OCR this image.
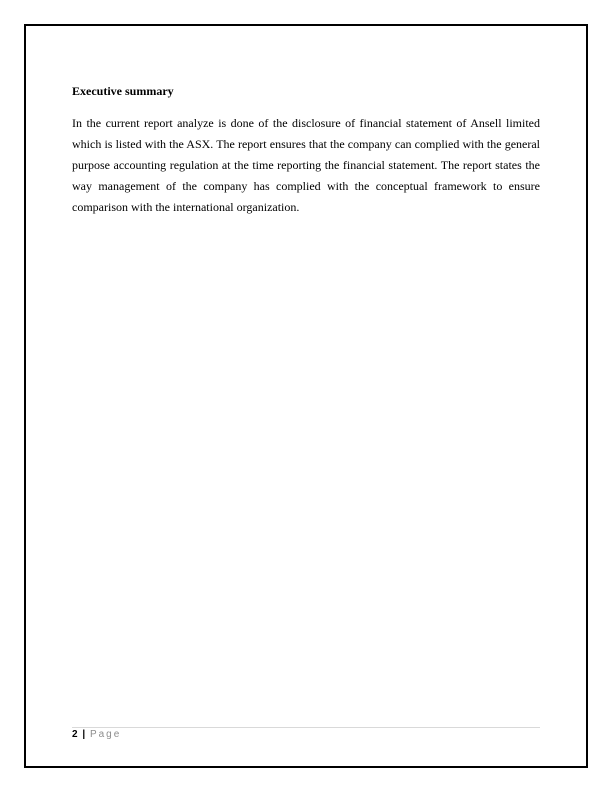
Executive summary

In the current report analyze is done of the disclosure of financial statement of Ansell limited which is listed with the ASX. The report ensures that the company can complied with the general purpose accounting regulation at the time reporting the financial statement. The report states the way management of the company has complied with the conceptual framework to ensure comparison with the international organization.

2 | Page
